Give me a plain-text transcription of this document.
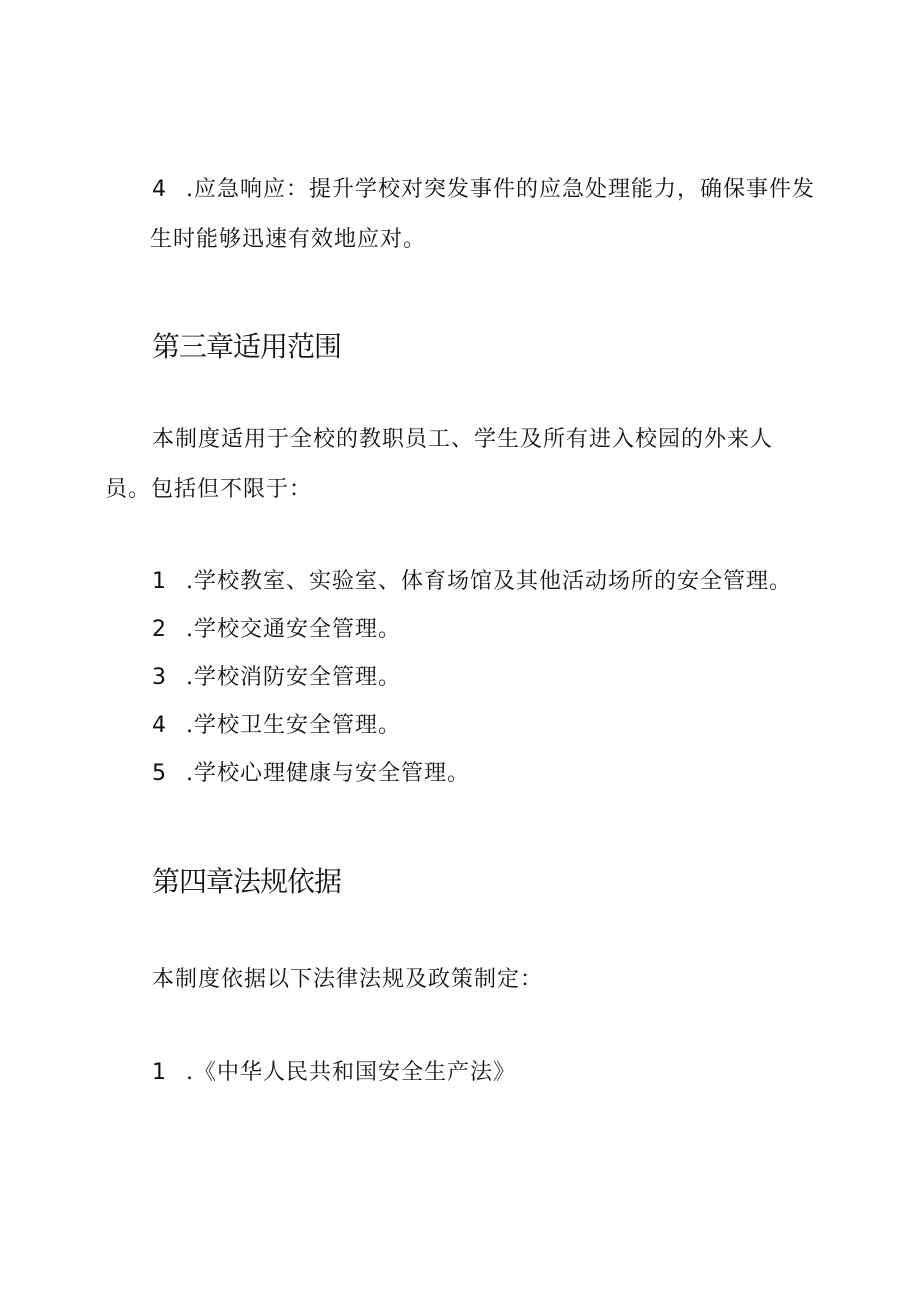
4 .应急响应：提升学校对突发事件的应急处理能力，确保事件发
生时能够迅速有效地应对。
第三章适用范围
本制度适用于全校的教职员工、学生及所有进入校园的外来人
员。包括但不限于：
1 .学校教室、实验室、体育场馆及其他活动场所的安全管理。
2 .学校交通安全管理。
3 .学校消防安全管理。
4 .学校卫生安全管理。
5 .学校心理健康与安全管理。
第四章法规依据
本制度依据以下法律法规及政策制定：
1 .《中华人民共和国安全生产法》
